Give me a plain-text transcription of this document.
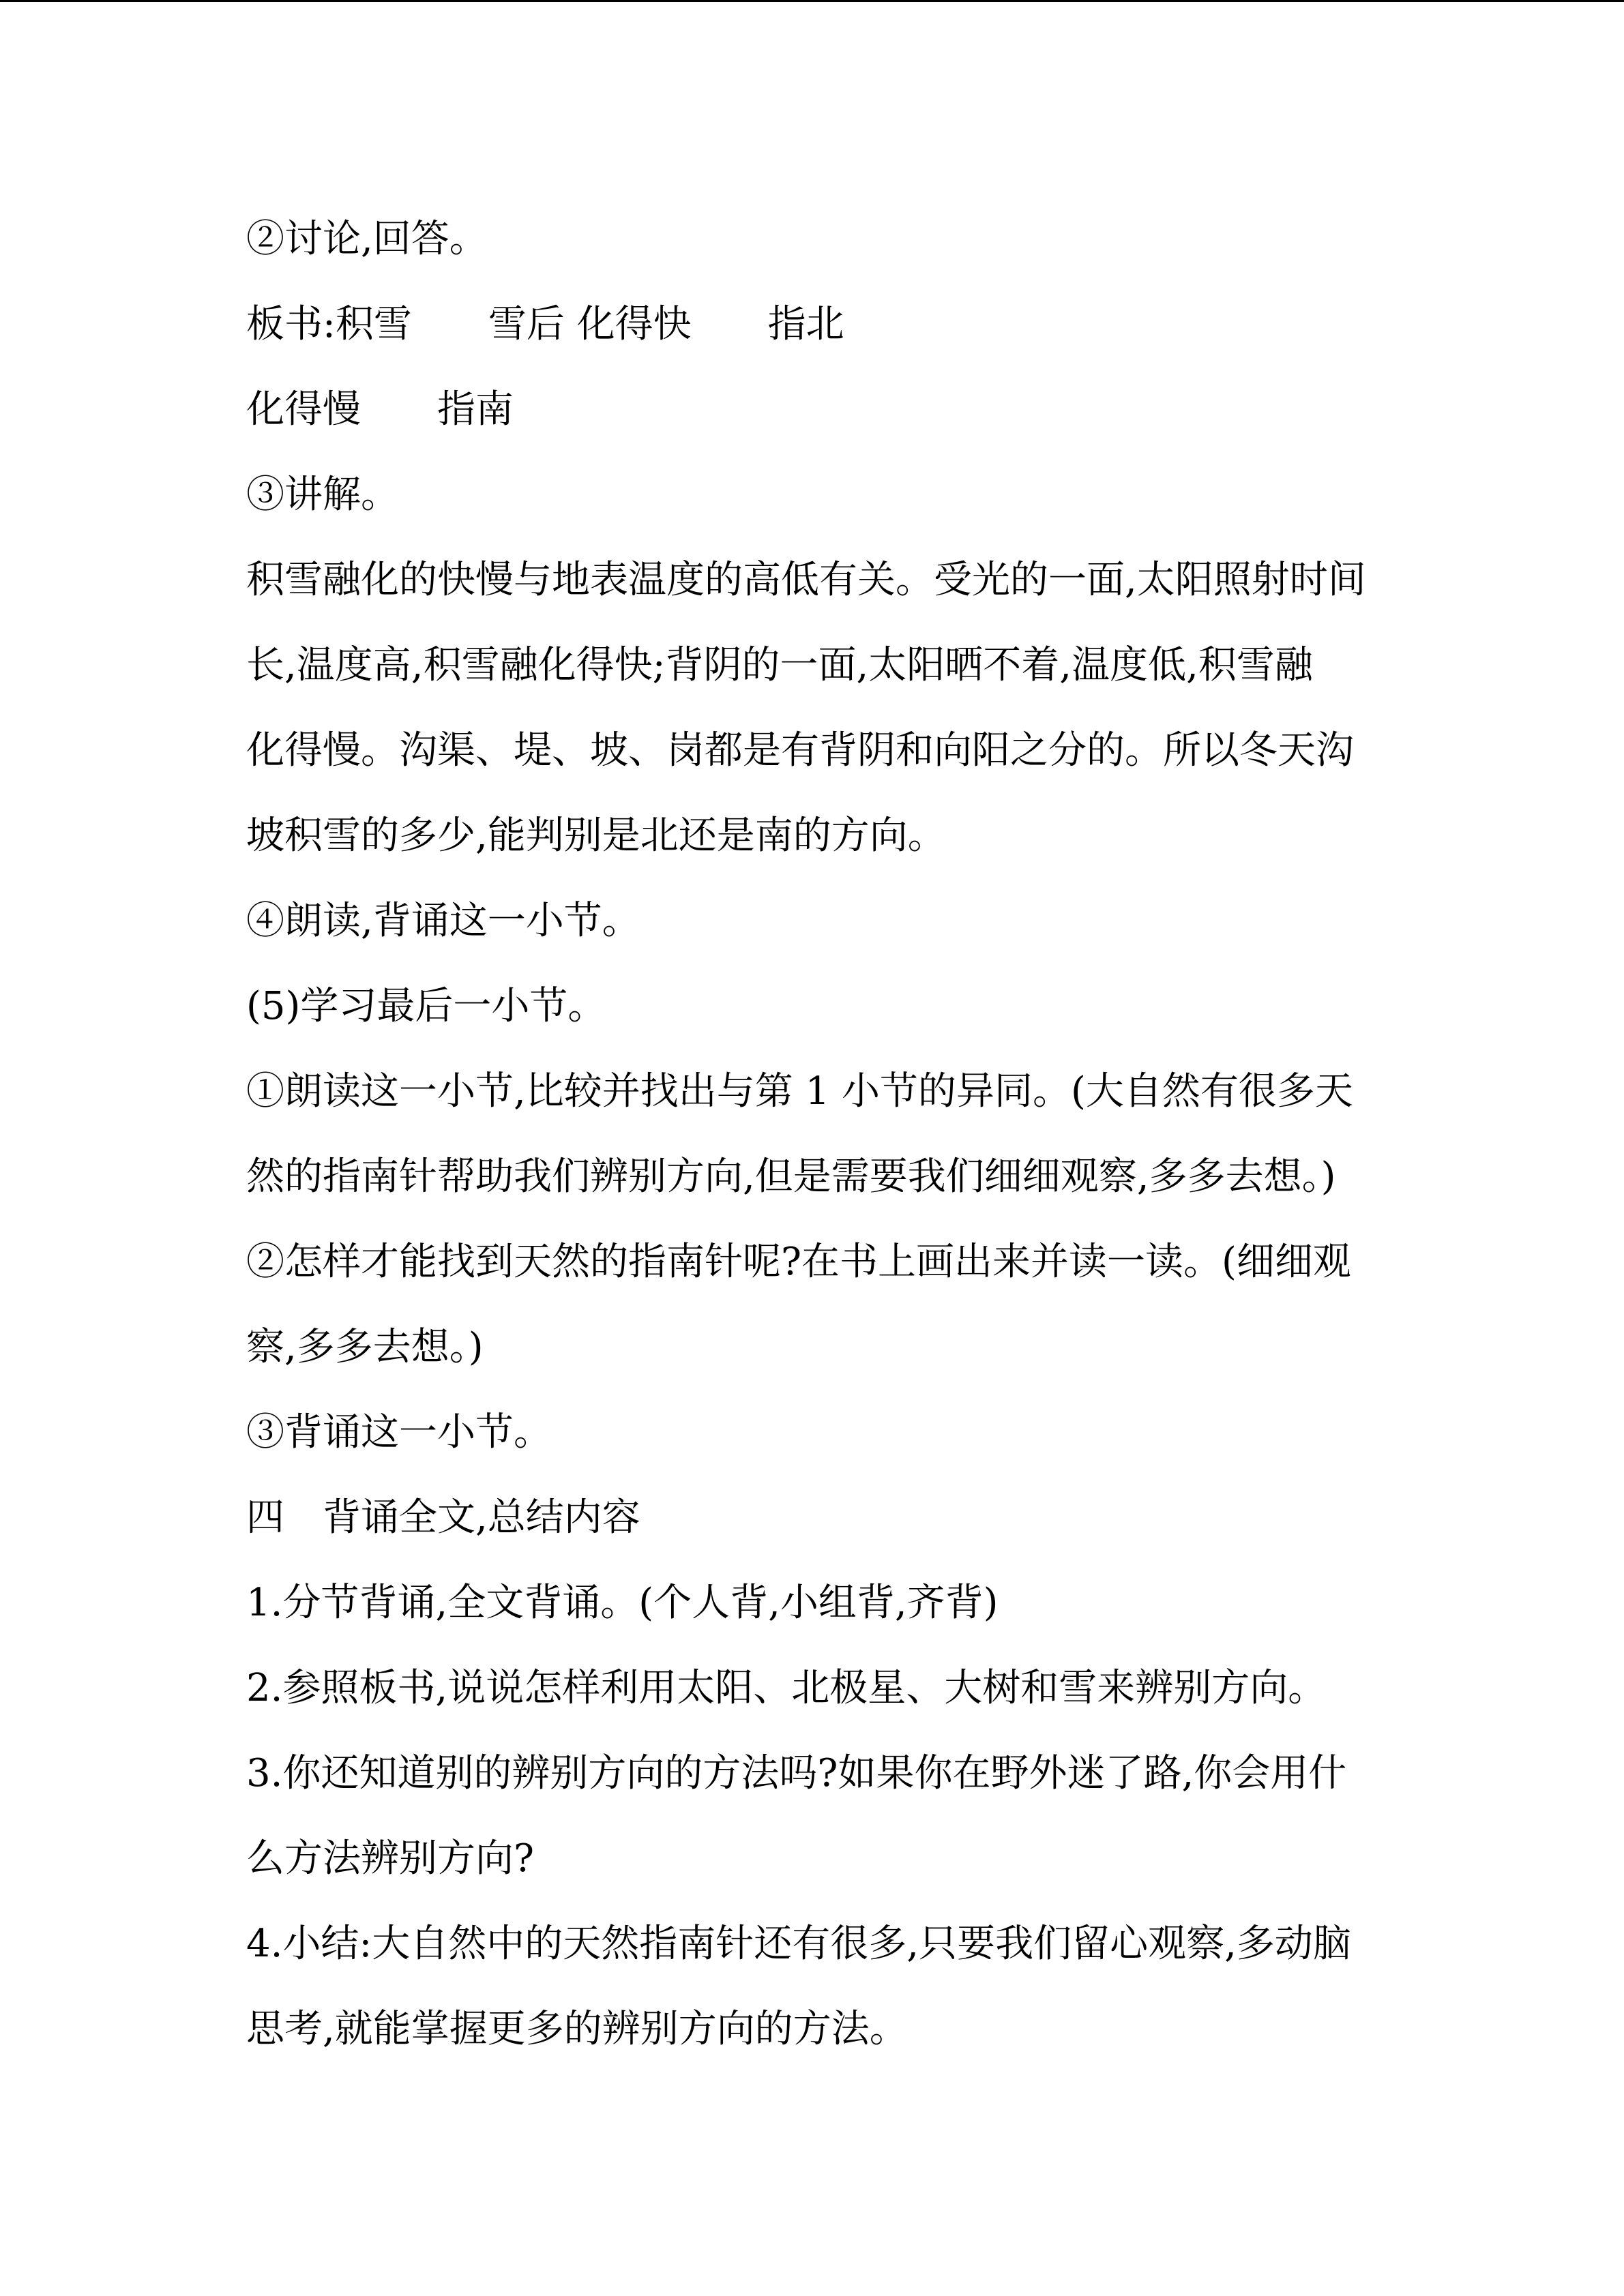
②讨论,回答。
板书:积雪　　雪后 化得快　　指北
化得慢　　指南
③讲解。
积雪融化的快慢与地表温度的高低有关。受光的一面,太阳照射时间
长,温度高,积雪融化得快;背阴的一面,太阳晒不着,温度低,积雪融
化得慢。沟渠、堤、坡、岗都是有背阴和向阳之分的。所以冬天沟
坡积雪的多少,能判别是北还是南的方向。
④朗读,背诵这一小节。
(5)学习最后一小节。
①朗读这一小节,比较并找出与第 1 小节的异同。(大自然有很多天
然的指南针帮助我们辨别方向,但是需要我们细细观察,多多去想。)
②怎样才能找到天然的指南针呢?在书上画出来并读一读。(细细观
察,多多去想。)
③背诵这一小节。
四　背诵全文,总结内容
1.分节背诵,全文背诵。(个人背,小组背,齐背)
2.参照板书,说说怎样利用太阳、北极星、大树和雪来辨别方向。
3.你还知道别的辨别方向的方法吗?如果你在野外迷了路,你会用什
么方法辨别方向?
4.小结:大自然中的天然指南针还有很多,只要我们留心观察,多动脑
思考,就能掌握更多的辨别方向的方法。
